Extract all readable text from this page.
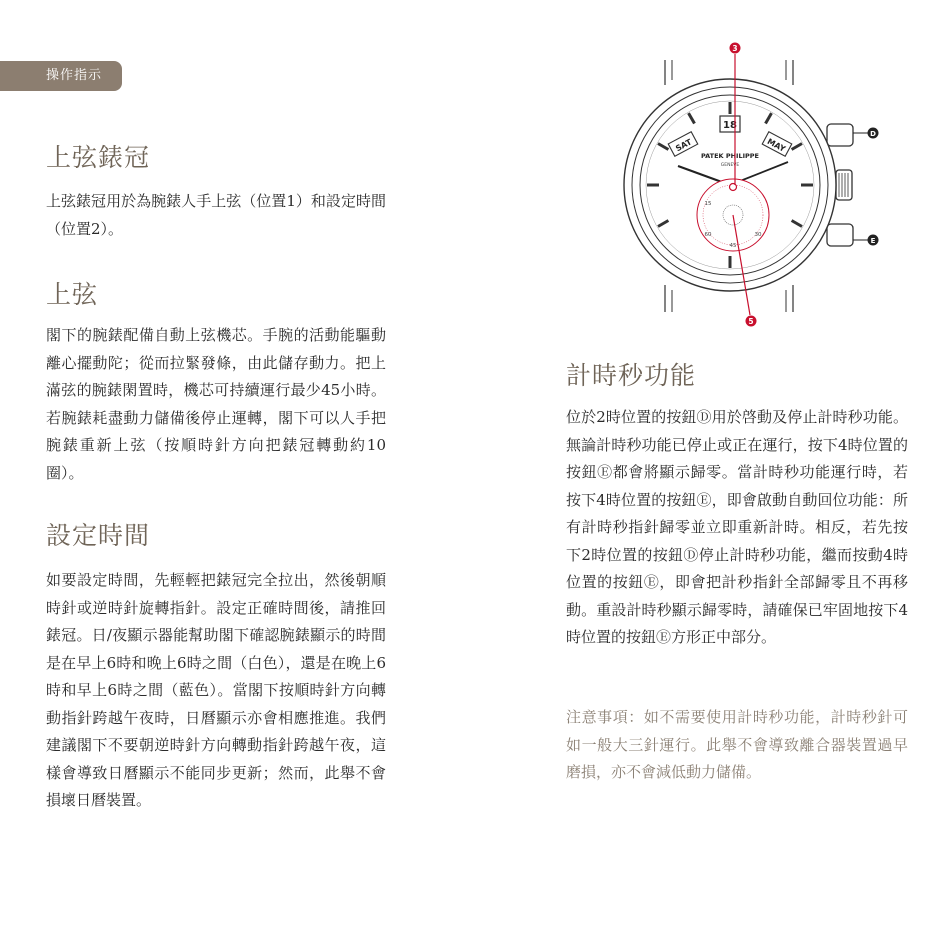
操作指示
上弦錶冠

上弦錶冠用於為腕錶人手上弦（位置1）和設定時間（位置2）。

上弦

閣下的腕錶配備自動上弦機芯。手腕的活動能驅動離心擺動陀；從而拉緊發條，由此儲存動力。把上滿弦的腕錶閑置時，機芯可持續運行最少45小時。若腕錶耗盡動力儲備後停止運轉，閣下可以人手把腕錶重新上弦（按順時針方向把錶冠轉動約10圈）。

設定時間

如要設定時間，先輕輕把錶冠完全拉出，然後朝順時針或逆時針旋轉指針。設定正確時間後，請推回錶冠。日/夜顯示器能幫助閣下確認腕錶顯示的時間是在早上6時和晚上6時之間（白色），還是在晚上6時和早上6時之間（藍色）。當閣下按順時針方向轉動指針跨越午夜時，日曆顯示亦會相應推進。我們建議閣下不要朝逆時針方向轉動指針跨越午夜，這樣會導致日曆顯示不能同步更新；然而，此舉不會損壞日曆裝置。

計時秒功能

位於2時位置的按鈕Ⓓ用於啓動及停止計時秒功能。無論計時秒功能已停止或正在運行，按下4時位置的按鈕Ⓔ都會將顯示歸零。當計時秒功能運行時，若按下4時位置的按鈕Ⓔ，即會啟動自動回位功能：所有計時秒指針歸零並立即重新計時。相反，若先按下2時位置的按鈕Ⓓ停止計時秒功能，繼而按動4時位置的按鈕Ⓔ，即會把計秒指針全部歸零且不再移動。重設計時秒顯示歸零時，請確保已牢固地按下4時位置的按鈕Ⓔ方形正中部分。

注意事項：如不需要使用計時秒功能，計時秒針可如一般大三針運行。此舉不會導致離合器裝置過早磨損，亦不會減低動力儲備。

18
SAT	MAY
PATEK PHILIPPE
GENEVE
15
45
30
60
3
5
D
E
